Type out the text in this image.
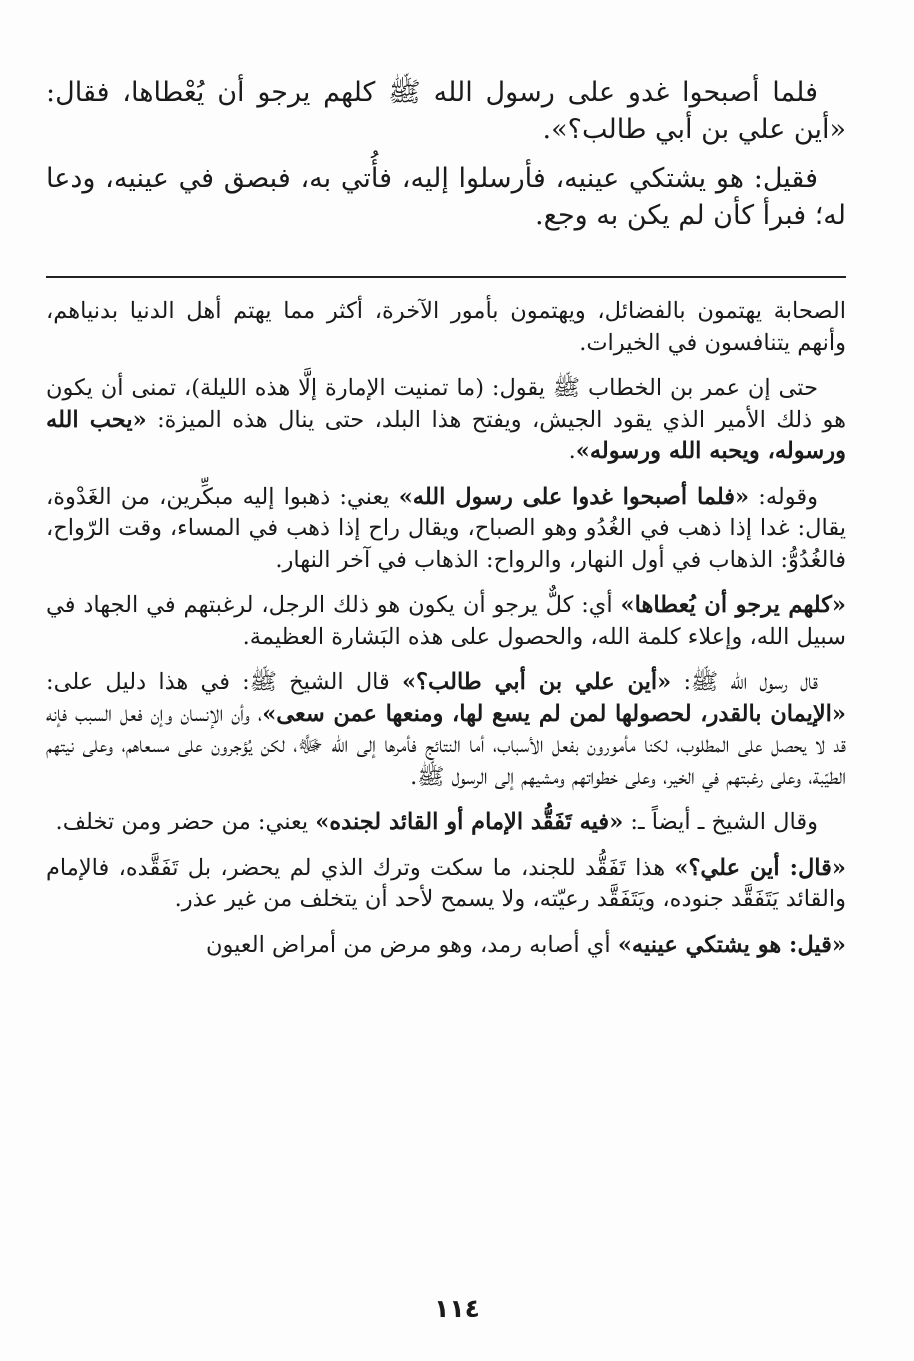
فلما أصبحوا غدو على رسول الله ﷺ كلهم يرجو أن يُعْطاها، فقال: «أين علي بن أبي طالب؟».

فقيل: هو يشتكي عينيه، فأرسلوا إليه، فأُتي به، فبصق في عينيه، ودعا له؛ فبرأ كأن لم يكن به وجع.

الصحابة يهتمون بالفضائل، ويهتمون بأمور الآخرة، أكثر مما يهتم أهل الدنيا بدنياهم، وأنهم يتنافسون في الخيرات.

حتى إن عمر بن الخطاب ﷺ يقول: (ما تمنيت الإمارة إلَّا هذه الليلة)، تمنى أن يكون هو ذلك الأمير الذي يقود الجيش، ويفتح هذا البلد، حتى ينال هذه الميزة: «يحب الله ورسوله، ويحبه الله ورسوله».

وقوله: «فلما أصبحوا غدوا على رسول الله» يعني: ذهبوا إليه مبكِّرين، من الغَدْوة، يقال: غدا إذا ذهب في الغُدُو وهو الصباح، ويقال راح إذا ذهب في المساء، وقت الرّواح، فالغُدُوُّ: الذهاب في أول النهار، والرواح: الذهاب في آخر النهار.

«كلهم يرجو أن يُعطاها» أي: كلٌّ يرجو أن يكون هو ذلك الرجل، لرغبتهم في الجهاد في سبيل الله، وإعلاء كلمة الله، والحصول على هذه البَشارة العظيمة.

قال رسول الله ﷺ: «أين علي بن أبي طالب؟» قال الشيخ ﷺ: في هذا دليل على: «الإيمان بالقدر، لحصولها لمن لم يسع لها، ومنعها عمن سعى»، وأن الإنسان وإن فعل السبب فإنه قد لا يحصل على المطلوب، لكنا مأمورون بفعل الأسباب، أما النتائج فأمرها إلى الله ﷻ، لكن يُؤجرون على مسعاهم، وعلى نيتهم الطيّبة، وعلى رغبتهم في الخير، وعلى خطواتهم ومشيهم إلى الرسول ﷺ.

وقال الشيخ ـ أيضاً ـ: «فيه تَفَقُّد الإمام أو القائد لجنده» يعني: من حضر ومن تخلف.

«قال: أين علي؟» هذا تَفَقُّد للجند، ما سكت وترك الذي لم يحضر، بل تَفَقَّده، فالإمام والقائد يَتَفَقَّد جنوده، ويَتَفَقَّد رعيّته، ولا يسمح لأحد أن يتخلف من غير عذر.

«قيل: هو يشتكي عينيه» أي أصابه رمد، وهو مرض من أمراض العيون

١١٤
